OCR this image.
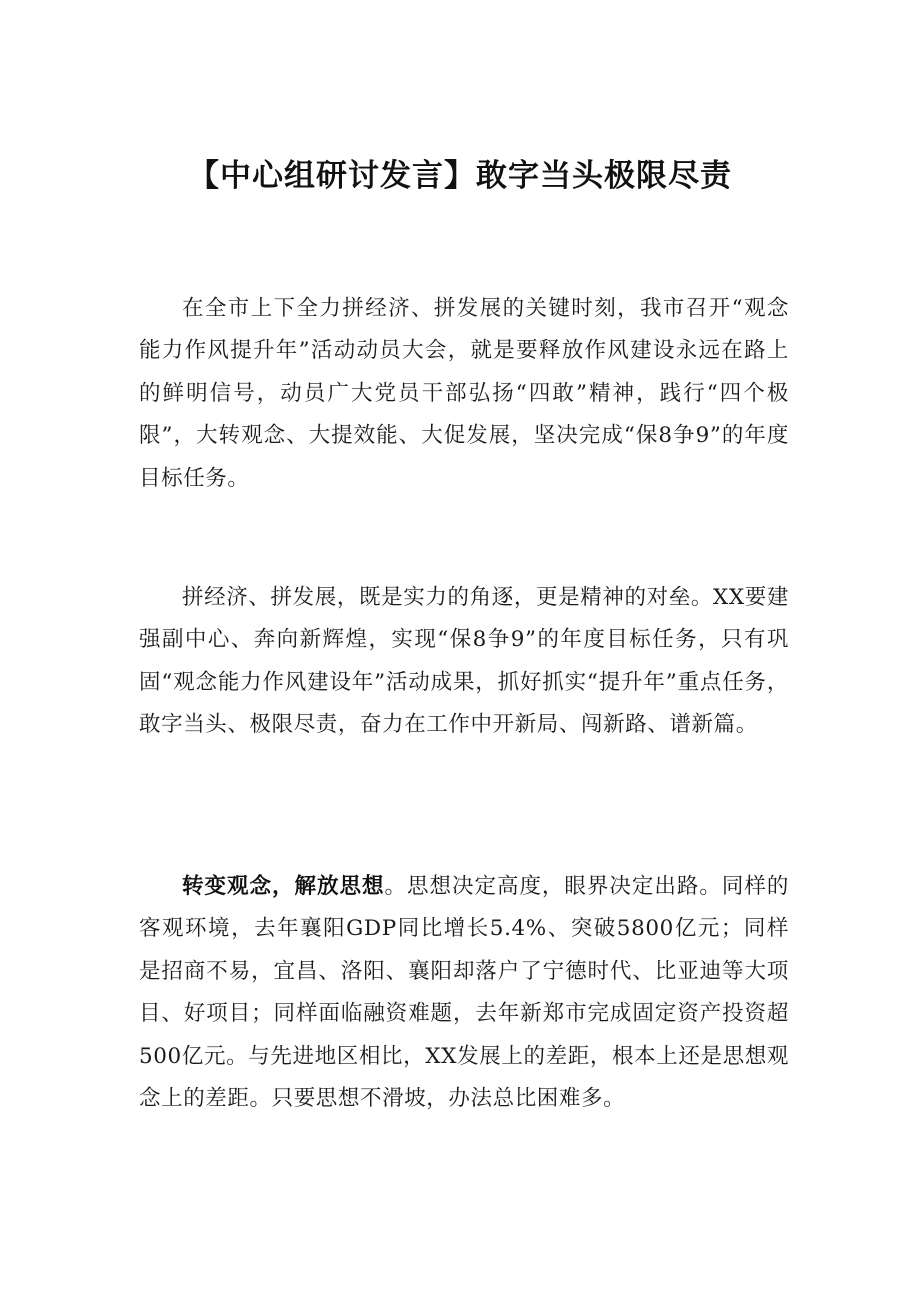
【中心组研讨发言】敢字当头极限尽责

在全市上下全力拼经济、拼发展的关键时刻，我市召开“观念能力作风提升年”活动动员大会，就是要释放作风建设永远在路上的鲜明信号，动员广大党员干部弘扬“四敢”精神，践行“四个极限”，大转观念、大提效能、大促发展，坚决完成“保8争9”的年度目标任务。

拼经济、拼发展，既是实力的角逐，更是精神的对垒。XX要建强副中心、奔向新辉煌，实现“保8争9”的年度目标任务，只有巩固“观念能力作风建设年”活动成果，抓好抓实“提升年”重点任务，敢字当头、极限尽责，奋力在工作中开新局、闯新路、谱新篇。

转变观念，解放思想。思想决定高度，眼界决定出路。同样的客观环境，去年襄阳GDP同比增长5.4%、突破5800亿元；同样是招商不易，宜昌、洛阳、襄阳却落户了宁德时代、比亚迪等大项目、好项目；同样面临融资难题，去年新郑市完成固定资产投资超500亿元。与先进地区相比，XX发展上的差距，根本上还是思想观念上的差距。只要思想不滑坡，办法总比困难多。
